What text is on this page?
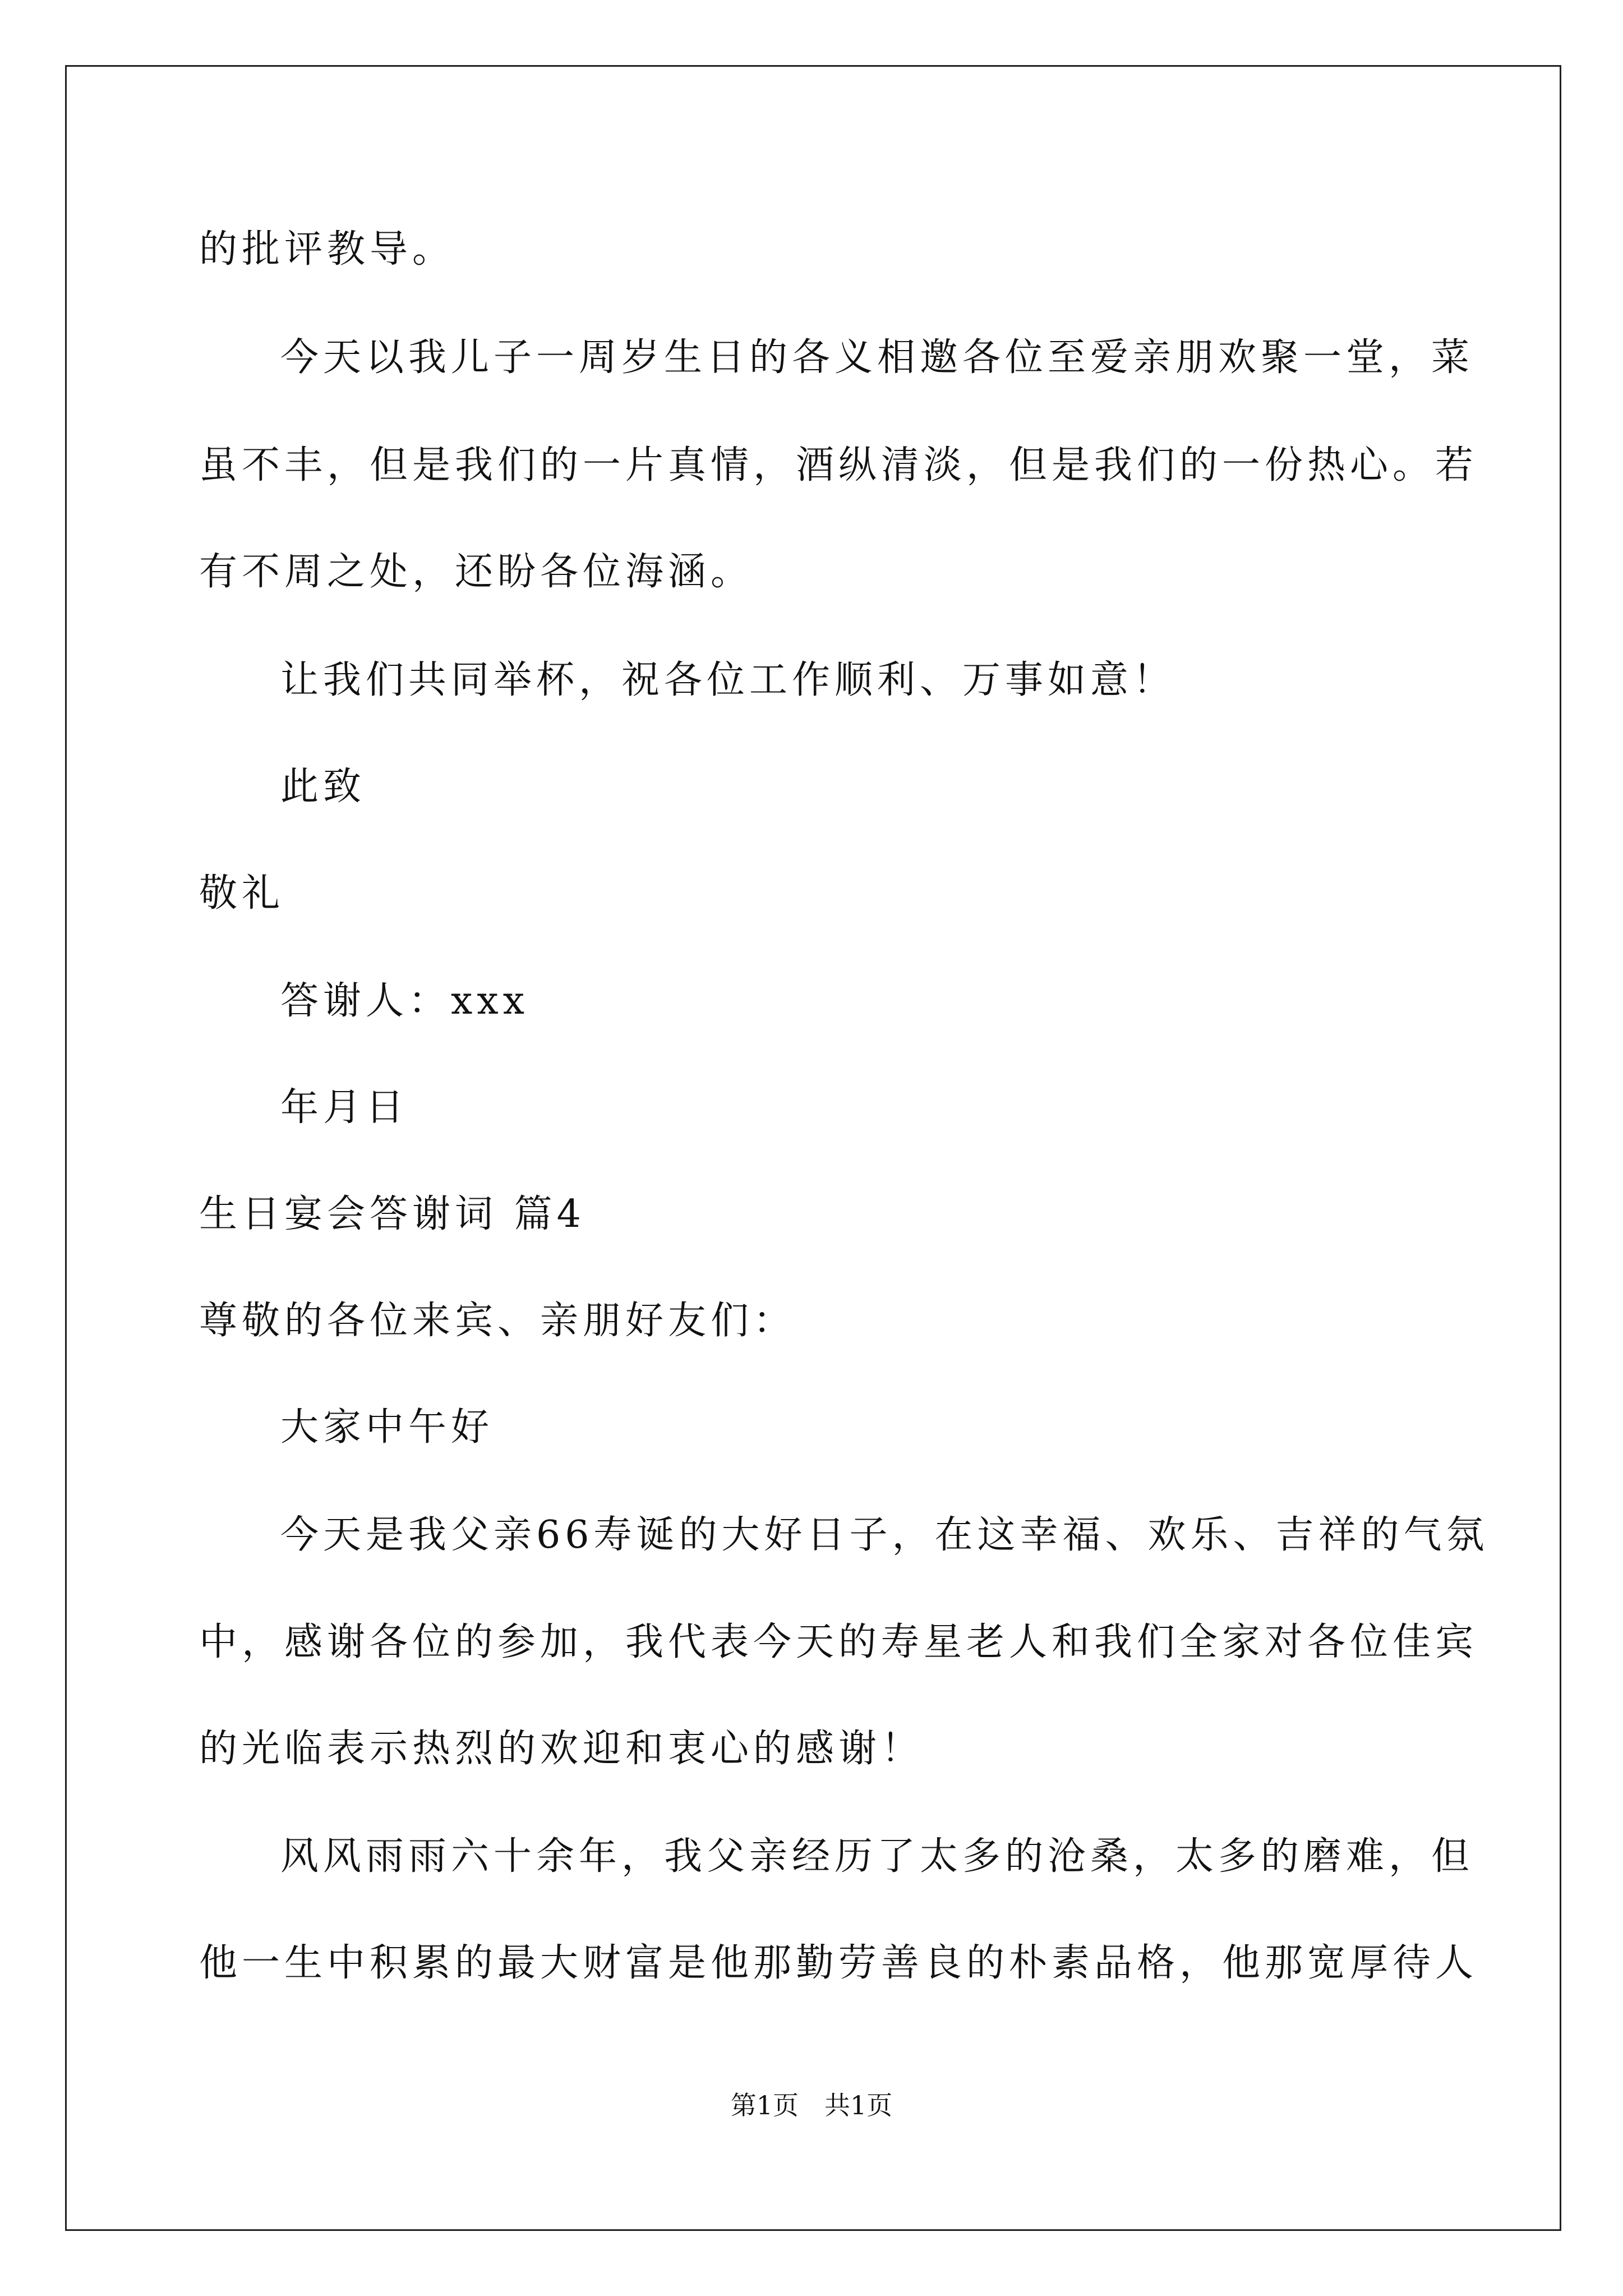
的批评教导。
今天以我儿子一周岁生日的各义相邀各位至爱亲朋欢聚一堂，菜
虽不丰，但是我们的一片真情，酒纵清淡，但是我们的一份热心。若
有不周之处，还盼各位海涵。
让我们共同举杯，祝各位工作顺利、万事如意！
此致
敬礼
答谢人：xxx
年月日
生日宴会答谢词 篇4
尊敬的各位来宾、亲朋好友们：
大家中午好
今天是我父亲66寿诞的大好日子，在这幸福、欢乐、吉祥的气氛
中，感谢各位的参加，我代表今天的寿星老人和我们全家对各位佳宾
的光临表示热烈的欢迎和衷心的感谢！
风风雨雨六十余年，我父亲经历了太多的沧桑，太多的磨难，但
他一生中积累的最大财富是他那勤劳善良的朴素品格，他那宽厚待人
第1页　共1页
